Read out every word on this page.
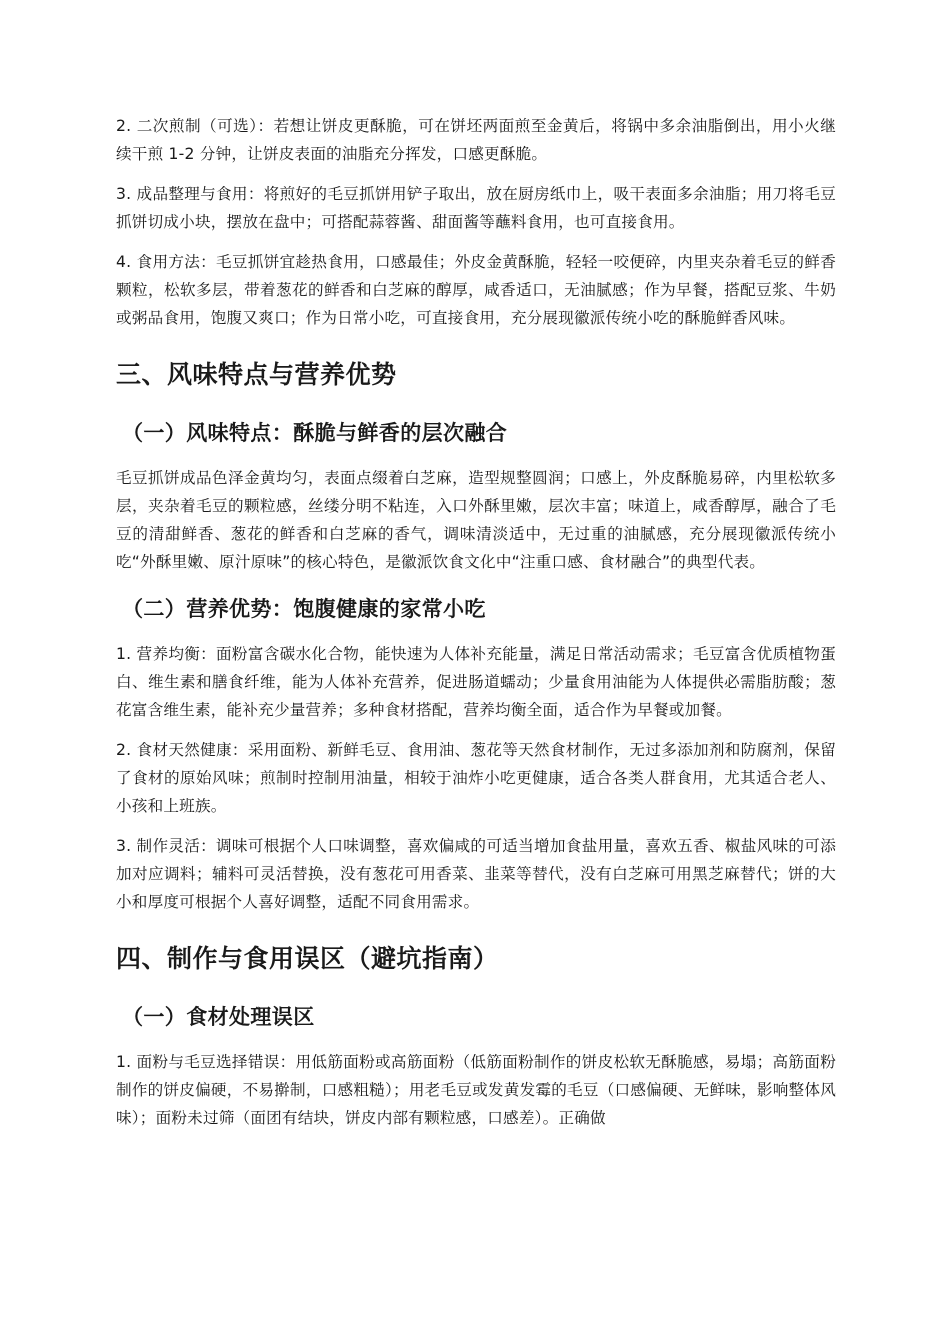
2. 二次煎制（可选）：若想让饼皮更酥脆，可在饼坯两面煎至金黄后，将锅中多余油脂倒出，用小火继续干煎 1-2 分钟，让饼皮表面的油脂充分挥发，口感更酥脆。

3. 成品整理与食用：将煎好的毛豆抓饼用铲子取出，放在厨房纸巾上，吸干表面多余油脂；用刀将毛豆抓饼切成小块，摆放在盘中；可搭配蒜蓉酱、甜面酱等蘸料食用，也可直接食用。

4. 食用方法：毛豆抓饼宜趁热食用，口感最佳；外皮金黄酥脆，轻轻一咬便碎，内里夹杂着毛豆的鲜香颗粒，松软多层，带着葱花的鲜香和白芝麻的醇厚，咸香适口，无油腻感；作为早餐，搭配豆浆、牛奶或粥品食用，饱腹又爽口；作为日常小吃，可直接食用，充分展现徽派传统小吃的酥脆鲜香风味。

三、风味特点与营养优势
（一）风味特点：酥脆与鲜香的层次融合

毛豆抓饼成品色泽金黄均匀，表面点缀着白芝麻，造型规整圆润；口感上，外皮酥脆易碎，内里松软多层，夹杂着毛豆的颗粒感，丝缕分明不粘连，入口外酥里嫩，层次丰富；味道上，咸香醇厚，融合了毛豆的清甜鲜香、葱花的鲜香和白芝麻的香气，调味清淡适中，无过重的油腻感，充分展现徽派传统小吃“外酥里嫩、原汁原味”的核心特色，是徽派饮食文化中“注重口感、食材融合”的典型代表。

（二）营养优势：饱腹健康的家常小吃

1. 营养均衡：面粉富含碳水化合物，能快速为人体补充能量，满足日常活动需求；毛豆富含优质植物蛋白、维生素和膳食纤维，能为人体补充营养，促进肠道蠕动；少量食用油能为人体提供必需脂肪酸；葱花富含维生素，能补充少量营养；多种食材搭配，营养均衡全面，适合作为早餐或加餐。

2. 食材天然健康：采用面粉、新鲜毛豆、食用油、葱花等天然食材制作，无过多添加剂和防腐剂，保留了食材的原始风味；煎制时控制用油量，相较于油炸小吃更健康，适合各类人群食用，尤其适合老人、小孩和上班族。

3. 制作灵活：调味可根据个人口味调整，喜欢偏咸的可适当增加食盐用量，喜欢五香、椒盐风味的可添加对应调料；辅料可灵活替换，没有葱花可用香菜、韭菜等替代，没有白芝麻可用黑芝麻替代；饼的大小和厚度可根据个人喜好调整，适配不同食用需求。

四、制作与食用误区（避坑指南）
（一）食材处理误区

1. 面粉与毛豆选择错误：用低筋面粉或高筋面粉（低筋面粉制作的饼皮松软无酥脆感，易塌；高筋面粉制作的饼皮偏硬，不易擀制，口感粗糙）；用老毛豆或发黄发霉的毛豆（口感偏硬、无鲜味，影响整体风味）；面粉未过筛（面团有结块，饼皮内部有颗粒感，口感差）。正确做
